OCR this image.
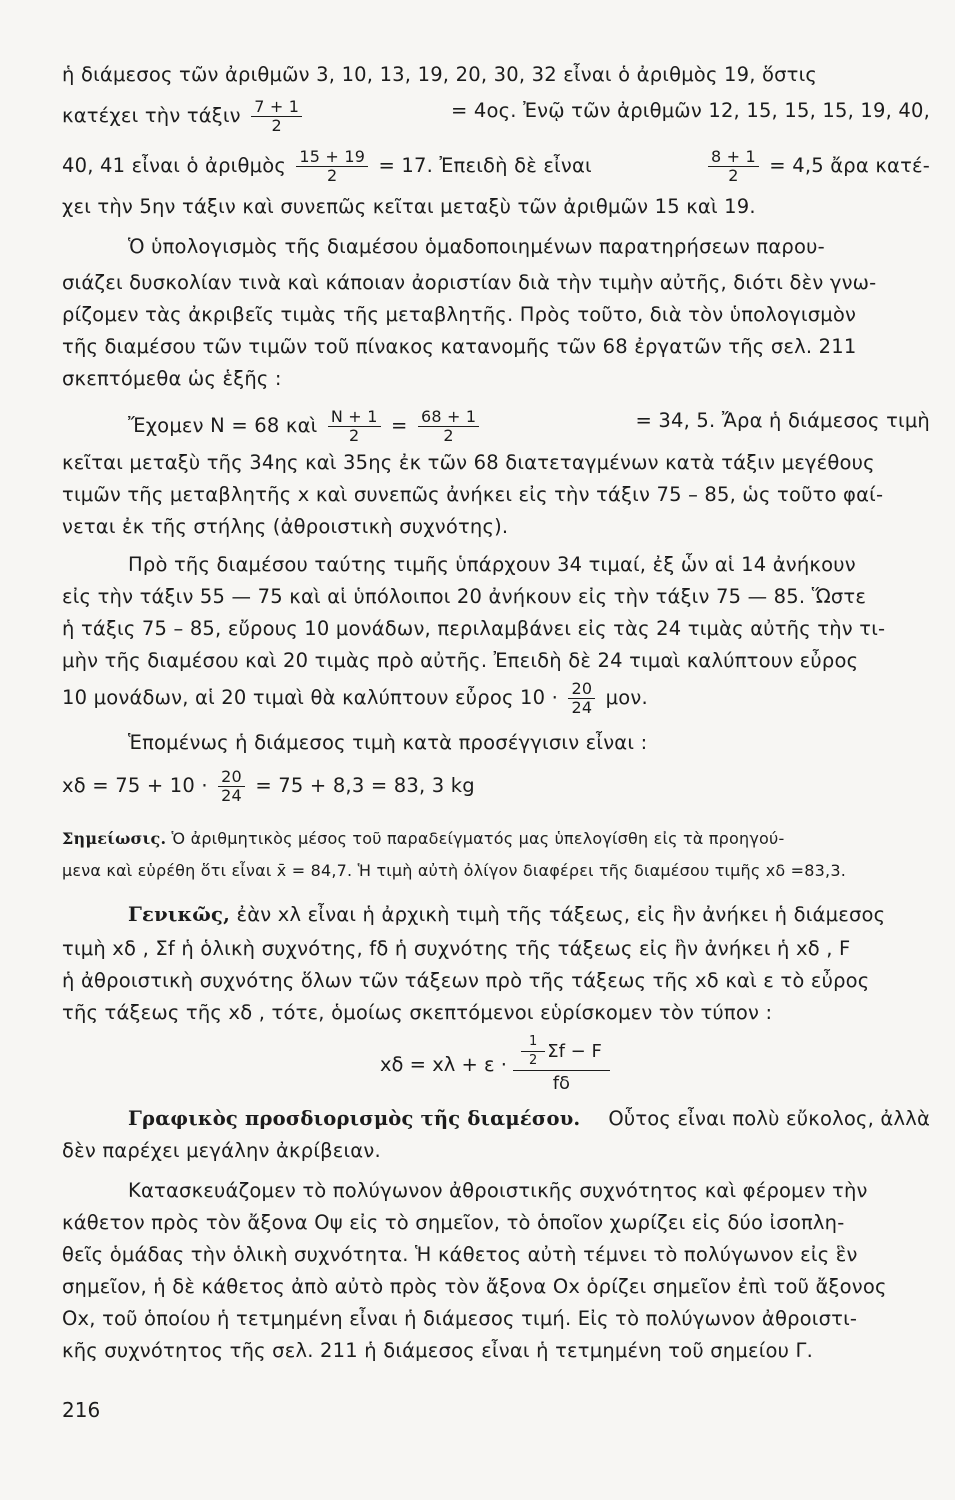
ἡ διάμεσος τῶν ἀριθμῶν 3, 10, 13, 19, 20, 30, 32 εἶναι ὁ ἀριθμὸς 19, ὅστις
κατέχει τὴν τάξιν $\frac{7 + 1}{2}$	= 4ος. Ἐνῷ τῶν ἀριθμῶν 12, 15, 15, 15, 19, 40,
40, 41 εἶναι ὁ ἀριθμὸς $\frac{15 + 19}{2} = 17$. Ἐπειδὴ δὲ εἶναι	$\frac{8 + 1}{2} = 4,5$ ἄρα κατέ-
χει τὴν 5ην τάξιν καὶ συνεπῶς κεῖται μεταξὺ τῶν ἀριθμῶν 15 καὶ 19.
Ὁ ὑπολογισμὸς τῆς διαμέσου ὁμαδοποιημένων παρατηρήσεων παρου-
σιάζει δυσκολίαν τινὰ καὶ κάποιαν ἀοριστίαν διὰ τὴν τιμὴν αὐτῆς, διότι δὲν γνω-
ρίζομεν τὰς ἀκριβεῖς τιμὰς τῆς μεταβλητῆς. Πρὸς τοῦτο, διὰ τὸν ὑπολογισμὸν
τῆς διαμέσου τῶν τιμῶν τοῦ πίνακος κατανομῆς τῶν 68 ἐργατῶν τῆς σελ. 211
σκεπτόμεθα ὡς ἑξῆς :
Ἔχομεν N = 68 καὶ $\frac{N + 1}{2} = \frac{68 + 1}{2}$	= 34, 5. Ἄρα ἡ διάμεσος τιμὴ
κεῖται μεταξὺ τῆς 34ης καὶ 35ης ἐκ τῶν 68 διατεταγμένων κατὰ τάξιν μεγέθους
τιμῶν τῆς μεταβλητῆς x καὶ συνεπῶς ἀνήκει εἰς τὴν τάξιν 75 – 85, ὡς τοῦτο φαί-
νεται ἐκ τῆς στήλης (ἀθροιστικὴ συχνότης).
Πρὸ τῆς διαμέσου ταύτης τιμῆς ὑπάρχουν 34 τιμαί, ἐξ ὧν αἱ 14 ἀνήκουν
εἰς τὴν τάξιν 55 — 75 καὶ αἱ ὑπόλοιποι 20 ἀνήκουν εἰς τὴν τάξιν 75 — 85. Ὥστε
ἡ τάξις 75 – 85, εὔρους 10 μονάδων, περιλαμβάνει εἰς τὰς 24 τιμὰς αὐτῆς τὴν τι-
μὴν τῆς διαμέσου καὶ 20 τιμὰς πρὸ αὐτῆς. Ἐπειδὴ δὲ 24 τιμαὶ καλύπτουν εὖρος
10 μονάδων, αἱ 20 τιμαὶ θὰ καλύπτουν εὖρος $10 \cdot \frac{20}{24} \mu o\nu$.
Ἑπομένως ἡ διάμεσος τιμὴ κατὰ προσέγγισιν εἶναι :
$x\delta = 75 + 10 \cdot \frac{20}{24} = 75 + 8,3 = 83$, 3 kg
Σημείωσις. Ὁ ἀριθμητικὸς μέσος τοῦ παραδείγματός μας ὑπελογίσθη εἰς τὰ προηγού-
μενα καὶ εὑρέθη ὅτι εἶναι x̄ = 84,7. Ἡ τιμὴ αὐτὴ ὀλίγον διαφέρει τῆς διαμέσου τιμῆς xδ =83,3.
Γενικῶς, ἐὰν xλ εἶναι ἡ ἀρχικὴ τιμὴ τῆς τάξεως, εἰς ἣν ἀνήκει ἡ διάμεσος
τιμὴ xδ , Σf ἡ ὁλικὴ συχνότης, fδ ἡ συχνότης τῆς τάξεως εἰς ἣν ἀνήκει ἡ xδ , F
ἡ ἀθροιστικὴ συχνότης ὅλων τῶν τάξεων πρὸ τῆς τάξεως τῆς xδ καὶ ε τὸ εὖρος
τῆς τάξεως τῆς xδ , τότε, ὁμοίως σκεπτόμενοι εὑρίσκομεν τὸν τύπον :
$x\delta = x\lambda + \varepsilon \cdot \frac{\frac{1}{2} \Sigma f - F}{f\delta}$
Γραφικὸς προσδιορισμὸς τῆς διαμέσου. Οὗτος εἶναι πολὺ εὔκολος, ἀλλὰ
δὲν παρέχει μεγάλην ἀκρίβειαν.
Κατασκευάζομεν τὸ πολύγωνον ἀθροιστικῆς συχνότητος καὶ φέρομεν τὴν
κάθετον πρὸς τὸν ἄξονα Oψ εἰς τὸ σημεῖον, τὸ ὁποῖον χωρίζει εἰς δύο ἰσοπλη-
θεῖς ὁμάδας τὴν ὁλικὴ συχνότητα. Ἡ κάθετος αὐτὴ τέμνει τὸ πολύγωνον εἰς ἓν
σημεῖον, ἡ δὲ κάθετος ἀπὸ αὐτὸ πρὸς τὸν ἄξονα Ox ὁρίζει σημεῖον ἐπὶ τοῦ ἄξονος
Ox, τοῦ ὁποίου ἡ τετμημένη εἶναι ἡ διάμεσος τιμή. Εἰς τὸ πολύγωνον ἀθροιστι-
κῆς συχνότητος τῆς σελ. 211 ἡ διάμεσος εἶναι ἡ τετμημένη τοῦ σημείου Γ.
216
